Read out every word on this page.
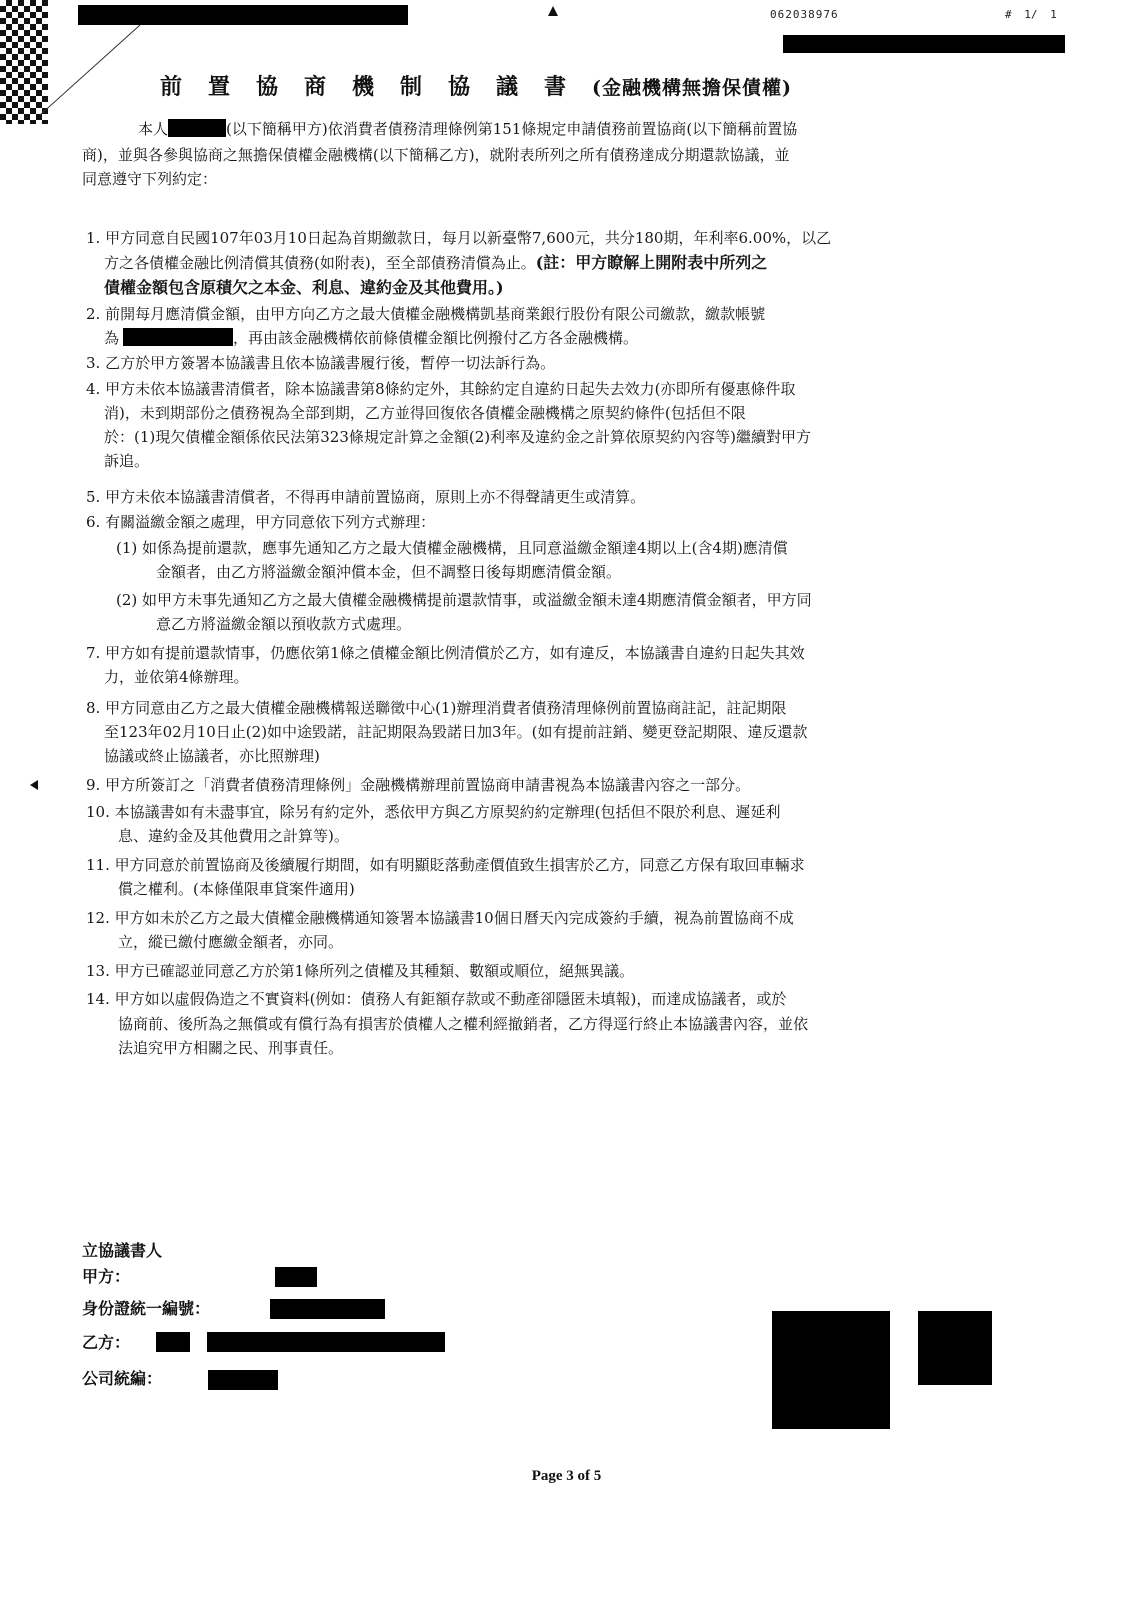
062038976	# 1/ 1
前置協商機制協議書(金融機構無擔保債權)
本人	(以下簡稱甲方)依消費者債務清理條例第151條規定申請債務前置協商(以下簡稱前置協
商)，並與各參與協商之無擔保債權金融機構(以下簡稱乙方)，就附表所列之所有債務達成分期還款協議，並
同意遵守下列約定：
1. 甲方同意自民國107年03月10日起為首期繳款日，每月以新臺幣7,600元，共分180期，年利率6.00%，以乙
方之各債權金融比例清償其債務(如附表)，至全部債務清償為止。(註：甲方瞭解上開附表中所列之
債權金額包含原積欠之本金、利息、違約金及其他費用。)
2. 前開每月應清償金額，由甲方向乙方之最大債權金融機構凱基商業銀行股份有限公司繳款，繳款帳號
為	，再由該金融機構依前條債權金額比例撥付乙方各金融機構。
3. 乙方於甲方簽署本協議書且依本協議書履行後，暫停一切法訴行為。
4. 甲方未依本協議書清償者，除本協議書第8條約定外，其餘約定自違約日起失去效力(亦即所有優惠條件取
消)，未到期部份之債務視為全部到期，乙方並得回復依各債權金融機構之原契約條件(包括但不限
於：(1)現欠債權金額係依民法第323條規定計算之金額(2)利率及違約金之計算依原契約內容等)繼續對甲方
訴追。
5. 甲方未依本協議書清償者，不得再申請前置協商，原則上亦不得聲請更生或清算。
6. 有關溢繳金額之處理，甲方同意依下列方式辦理：
(1) 如係為提前還款，應事先通知乙方之最大債權金融機構，且同意溢繳金額達4期以上(含4期)應清償
金額者，由乙方將溢繳金額沖償本金，但不調整日後每期應清償金額。
(2) 如甲方未事先通知乙方之最大債權金融機構提前還款情事，或溢繳金額未達4期應清償金額者，甲方同
意乙方將溢繳金額以預收款方式處理。
7. 甲方如有提前還款情事，仍應依第1條之債權金額比例清償於乙方，如有違反，本協議書自違約日起失其效
力，並依第4條辦理。
8. 甲方同意由乙方之最大債權金融機構報送聯徵中心(1)辦理消費者債務清理條例前置協商註記，註記期限
至123年02月10日止(2)如中途毀諾，註記期限為毀諾日加3年。(如有提前註銷、變更登記期限、違反還款
協議或終止協議者，亦比照辦理)
9. 甲方所簽訂之「消費者債務清理條例」金融機構辦理前置協商申請書視為本協議書內容之一部分。
10. 本協議書如有未盡事宜，除另有約定外，悉依甲方與乙方原契約約定辦理(包括但不限於利息、遲延利
息、違約金及其他費用之計算等)。
11. 甲方同意於前置協商及後續履行期間，如有明顯貶落動產價值致生損害於乙方，同意乙方保有取回車輛求
償之權利。(本條僅限車貸案件適用)
12. 甲方如未於乙方之最大債權金融機構通知簽署本協議書10個日曆天內完成簽約手續，視為前置協商不成
立，縱已繳付應繳金額者，亦同。
13. 甲方已確認並同意乙方於第1條所列之債權及其種類、數額或順位，絕無異議。
14. 甲方如以虛假偽造之不實資料(例如：債務人有鉅額存款或不動產卻隱匿未填報)，而達成協議者，或於
協商前、後所為之無償或有償行為有損害於債權人之權利經撤銷者，乙方得逕行終止本協議書內容，並依
法追究甲方相關之民、刑事責任。
立協議書人
甲方：
身份證統一編號：
乙方：
公司統編：
Page 3 of 5
